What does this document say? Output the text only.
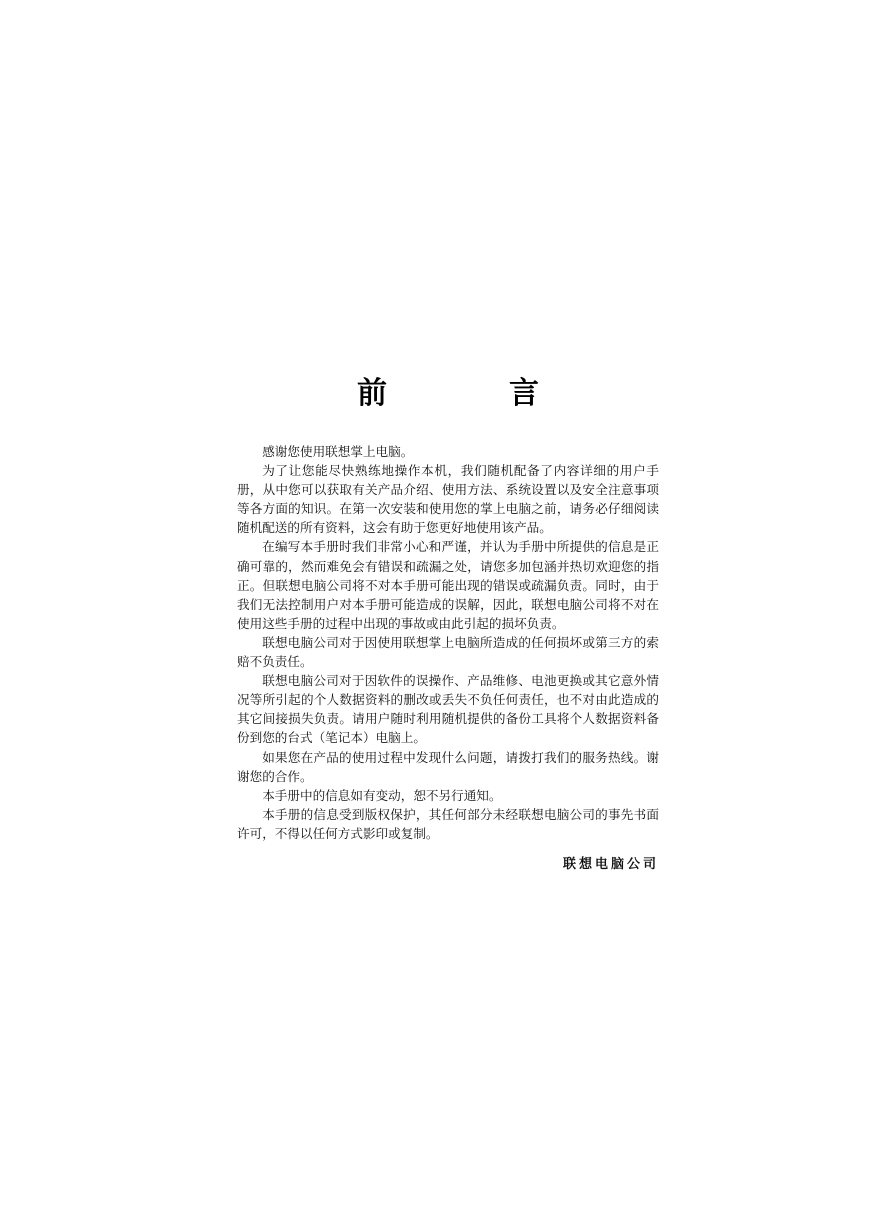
前　言

感谢您使用联想掌上电脑。

为了让您能尽快熟练地操作本机，我们随机配备了内容详细的用户手册，从中您可以获取有关产品介绍、使用方法、系统设置以及安全注意事项等各方面的知识。在第一次安装和使用您的掌上电脑之前，请务必仔细阅读随机配送的所有资料，这会有助于您更好地使用该产品。

在编写本手册时我们非常小心和严谨，并认为手册中所提供的信息是正确可靠的，然而难免会有错误和疏漏之处，请您多加包涵并热切欢迎您的指正。但联想电脑公司将不对本手册可能出现的错误或疏漏负责。同时，由于我们无法控制用户对本手册可能造成的误解，因此，联想电脑公司将不对在使用这些手册的过程中出现的事故或由此引起的损坏负责。

联想电脑公司对于因使用联想掌上电脑所造成的任何损坏或第三方的索赔不负责任。

联想电脑公司对于因软件的误操作、产品维修、电池更换或其它意外情况等所引起的个人数据资料的删改或丢失不负任何责任，也不对由此造成的其它间接损失负责。请用户随时利用随机提供的备份工具将个人数据资料备份到您的台式（笔记本）电脑上。

如果您在产品的使用过程中发现什么问题，请拨打我们的服务热线。谢谢您的合作。

本手册中的信息如有变动，恕不另行通知。

本手册的信息受到版权保护，其任何部分未经联想电脑公司的事先书面许可，不得以任何方式影印或复制。

联想电脑公司
